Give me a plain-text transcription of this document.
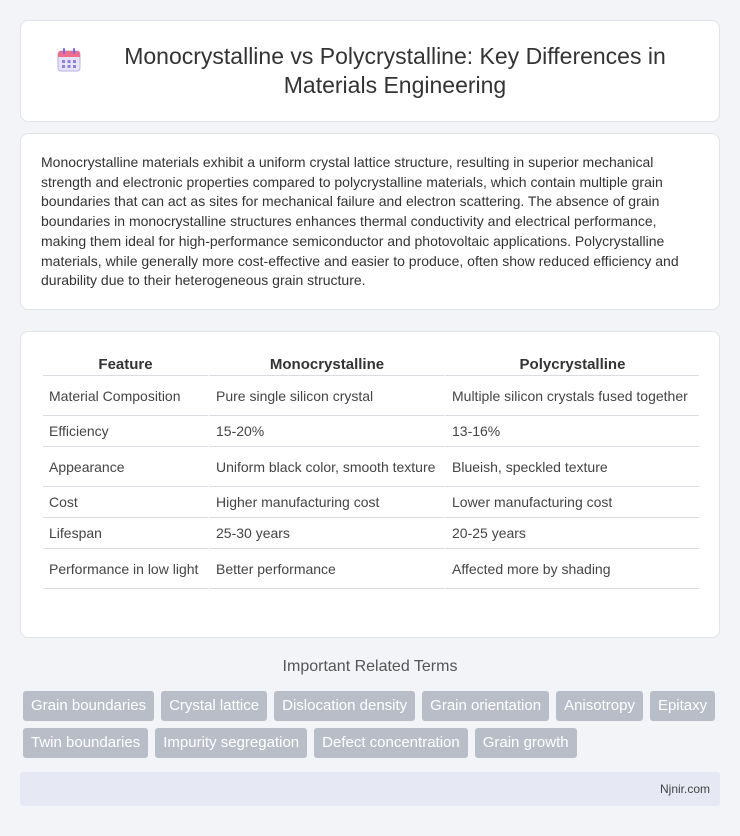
Monocrystalline vs Polycrystalline: Key Differences in Materials Engineering

Monocrystalline materials exhibit a uniform crystal lattice structure, resulting in superior mechanical strength and electronic properties compared to polycrystalline materials, which contain multiple grain boundaries that can act as sites for mechanical failure and electron scattering. The absence of grain boundaries in monocrystalline structures enhances thermal conductivity and electrical performance, making them ideal for high-performance semiconductor and photovoltaic applications. Polycrystalline materials, while generally more cost-effective and easier to produce, often show reduced efficiency and durability due to their heterogeneous grain structure.

Feature	Monocrystalline	Polycrystalline
Material Composition	Pure single silicon crystal	Multiple silicon crystals fused together
Efficiency	15-20%	13-16%
Appearance	Uniform black color, smooth texture	Blueish, speckled texture
Cost	Higher manufacturing cost	Lower manufacturing cost
Lifespan	25-30 years	20-25 years
Performance in low light	Better performance	Affected more by shading
Important Related Terms
Grain boundaries	Crystal lattice	Dislocation density	Grain orientation	Anisotropy	Epitaxy
Twin boundaries	Impurity segregation	Defect concentration	Grain growth
Njnir.com
